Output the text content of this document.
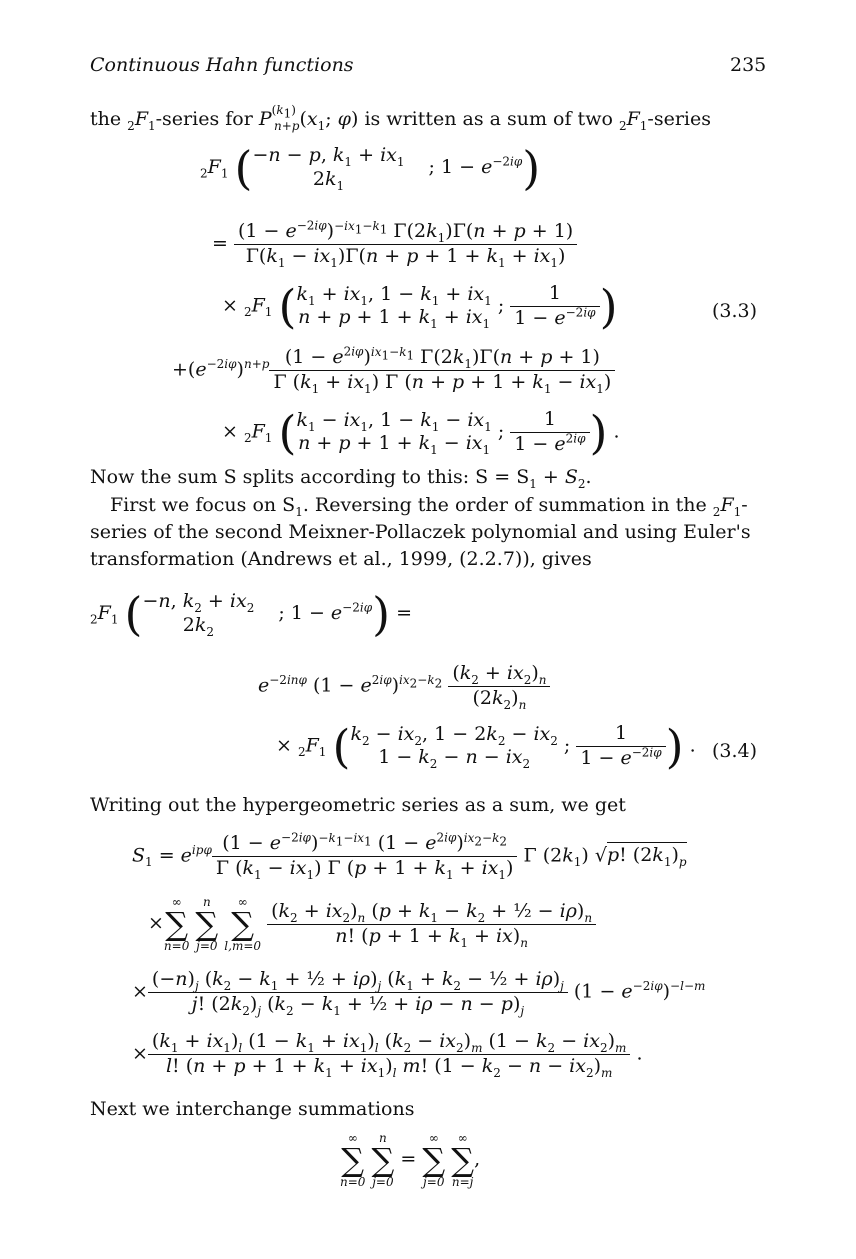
Continuous Hahn functions	235
the $_2F_1$-series for $P^{(k_1)}_{n+p}(x_1$; φ) is written as a sum of two $_2F_1$-series
$_2F_1$ ( −n − p, $k_1 + ix_1$
$2k_1$
; $1 - e^{-2i\varphi}$)
= $\frac{(1 - e^{-2i\varphi})^{-ix_1-k_1} \Gamma(2k_1)\Gamma(n + p + 1)}{\Gamma(k_1 - ix_1)\Gamma(n + p + 1 + k_1 + ix_1)}$
× $_2F_1$ ( $k_1 + ix_1$, $1 - k_1 + ix_1$
$n + p + 1 + k_1 + ix_1$
; $\frac{1}{1 - e^{-2i\varphi}}$ )	(3.3)
$+(e^{-2i\varphi})^{n+p} \frac{(1 - e^{2i\varphi})^{ix_1-k_1} \Gamma(2k_1)\Gamma(n + p + 1)}{\Gamma (k_1 + ix_1) \Gamma (n + p + 1 + k_1 - ix_1)}$
× $_2F_1$ ( $k_1 - ix_1$, $1 - k_1 - ix_1$
$n + p + 1 + k_1 - ix_1$
; $\frac{1}{1 - e^{2i\varphi}}$ ) .
Now the sum S splits according to this: $S = S_1 + S_2$.
First we focus on $S_1$. Reversing the order of summation in the $_2F_1-$
series of the second Meixner-Pollaczek polynomial and using Euler's
transformation (Andrews et al., 1999, (2.2.7)), gives
$_2F_1$ ( −n, $k_2 + ix_2$
$2k_2$
; $1 - e^{-2i\varphi}$) =
$e^{-2in\varphi}$ $(1 - e^{2i\varphi})^{ix_2-k_2} \frac{(k_2 + ix_2)_n}{(2k_2)_n}$
× $_2F_1$ ( $k_2 - ix_2$, $1 - 2k_2 - ix_2$
$1 - k_2 - n - ix_2$
; $\frac{1}{1 - e^{-2i\varphi}}$ ) . (3.4)
Writing out the hypergeometric series as a sum, we get
$S_1 = e^{ip\varphi} \frac{(1 - e^{-2i\varphi})^{-k_1-ix_1} (1 - e^{2i\varphi})^{ix_2-k_2}}{\Gamma (k_1 - ix_1) \Gamma (p + 1 + k_1 + ix_1)}$ Γ $(2k_1)$ √p! $(2k_1)_p$
×
∞
∑
n=0

n
∑
j=0

∞
∑
l,m=0
$\frac{(k_2 + ix_2)_n (p + k_1 - k_2 + \frac{1}{2} - i\rho)_n}{n! (p + 1 + k_1 + ix)_n}$
× $\frac{(-n)_j (k_2 - k_1 + \frac{1}{2} + i\rho)_j (k_1 + k_2 - \frac{1}{2} + i\rho)_j}{j! (2k_2)_j (k_2 - k_1 + \frac{1}{2} + i\rho - n - p)_j} (1 - e^{-2i\varphi})^{-l-m}$
× $\frac{(k_1 + ix_1)_l (1 - k_1 + ix_1)_l (k_2 - ix_2)_m (1 - k_2 - ix_2)_m}{l! (n + p + 1 + k_1 + ix_1)_l m! (1 - k_2 - n - ix_2)_m}$ .
Next we interchange summations
∞
∑
n=0

n
∑
j=0
=
∞
∑
j=0

∞
∑
n=j
,
